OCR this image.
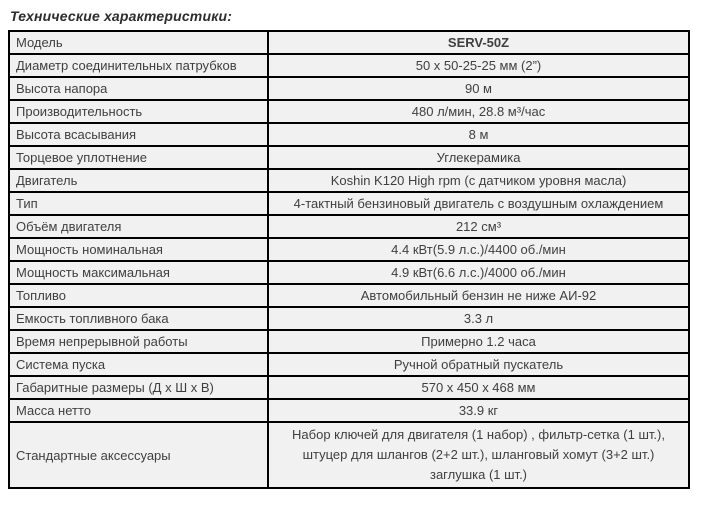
Технические характеристики:
Модель	SERV-50Z
Диаметр соединительных патрубков	50 х 50-25-25 мм (2”)
Высота напора	90 м
Производительность	480 л/мин, 28.8 м³/час
Высота всасывания	8 м
Торцевое уплотнение	Углекерамика
Двигатель	Koshin K120 High rpm (с датчиком уровня масла)
Тип	4-тактный бензиновый двигатель с воздушным охлаждением
Объём двигателя	212 см³
Мощность номинальная	4.4 кВт(5.9 л.с.)/4400 об./мин
Мощность максимальная	4.9 кВт(6.6 л.с.)/4000 об./мин
Топливо	Автомобильный бензин не ниже АИ-92
Емкость топливного бака	3.3 л
Время непрерывной работы	Примерно 1.2 часа
Система пуска	Ручной обратный пускатель
Габаритные размеры (Д х Ш х В)	570 х 450 х 468 мм
Масса нетто	33.9 кг
Стандартные аксессуары	Набор ключей для двигателя (1 набор) , фильтр-сетка (1 шт.),
штуцер для шлангов (2+2 шт.), шланговый хомут (3+2 шт.)
заглушка (1 шт.)
